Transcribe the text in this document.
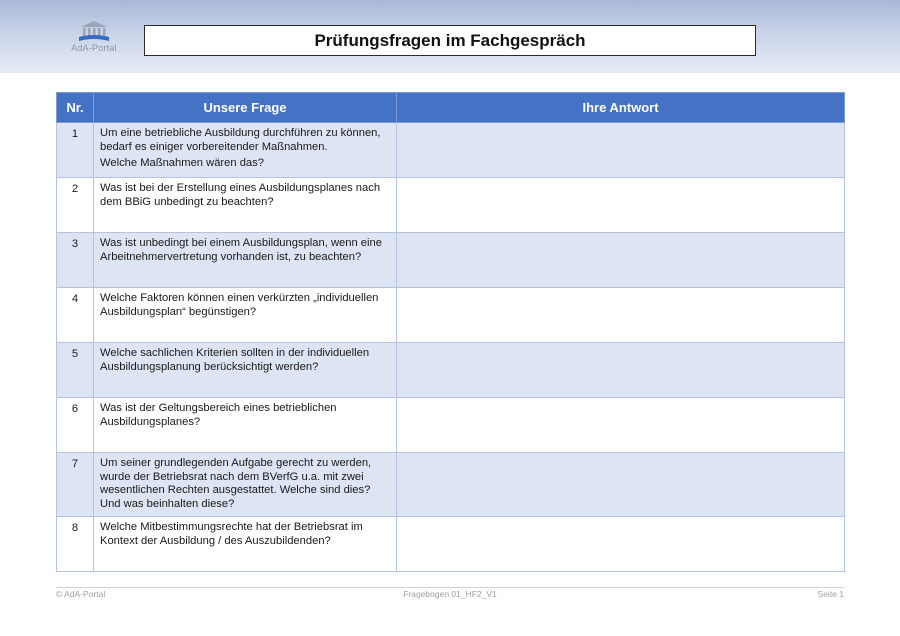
AdA-Portal	Prüfungsfragen im Fachgespräch
Nr.	Unsere Frage	Ihre Antwort
1	Um eine betriebliche Ausbildung durchführen zu können, bedarf es einiger vorbereitender Maßnahmen.
Welche Maßnahmen wären das?	

2	Was ist bei der Erstellung eines Ausbildungsplanes nach dem BBiG unbedingt zu beachten?	

3	Was ist unbedingt bei einem Ausbildungsplan, wenn eine Arbeitnehmervertretung vorhanden ist, zu beachten?	

4	Welche Faktoren können einen verkürzten „individuellen Ausbildungsplan“ begünstigen?	

5	Welche sachlichen Kriterien sollten in der individuellen Ausbildungsplanung berücksichtigt werden?	

6	Was ist der Geltungsbereich eines betrieblichen Ausbildungsplanes?	

7	Um seiner grundlegenden Aufgabe gerecht zu werden, wurde der Betriebsrat nach dem BVerfG u.a. mit zwei wesentlichen Rechten ausgestattet. Welche sind dies? Und was beinhalten diese?	

8	Welche Mitbestimmungsrechte hat der Betriebsrat im Kontext der Ausbildung / des Auszubildenden?	

© AdA-Portal	Fragebogen 01_HF2_V1	Seite 1
